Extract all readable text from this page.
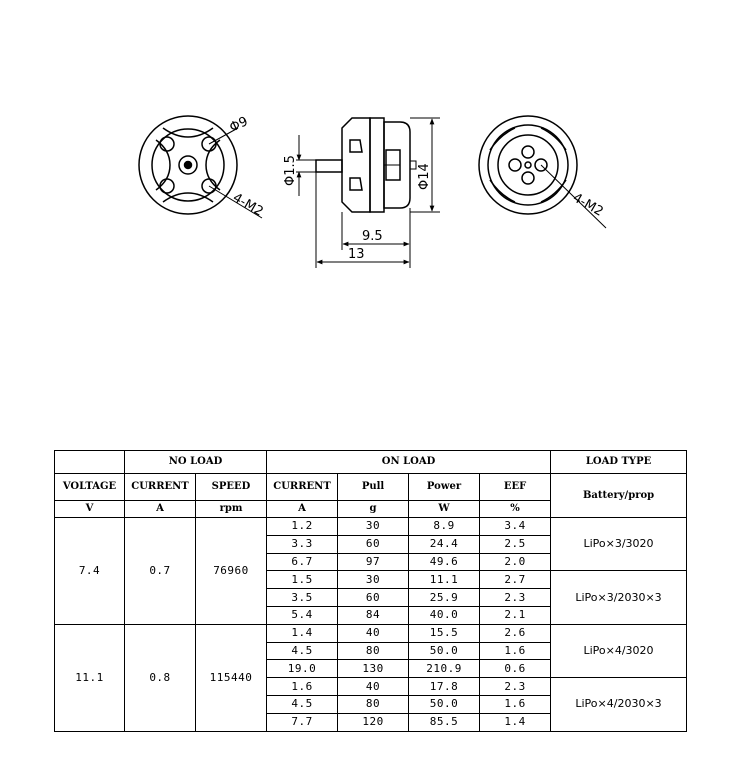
Φ9
4-M2
Φ1.5	Φ14
9.5
13
4-M2
	NO LOAD		ON LOAD				LOAD TYPE
VOLTAGE	CURRENT	SPEED	CURRENT	Pull	Power	EEF	Battery/prop
V	A	rpm	A	g	W	%	
7.4	0.7	76960	1.2	30	8.9	3.4	LiPo×3/3020
			3.3	60	24.4	2.5	
			6.7	97	49.6	2.0	
			1.5	30	11.1	2.7	LiPo×3/2030×3
			3.5	60	25.9	2.3	
			5.4	84	40.0	2.1	
11.1	0.8	115440	1.4	40	15.5	2.6	LiPo×4/3020
			4.5	80	50.0	1.6	
			19.0	130	210.9	0.6	
			1.6	40	17.8	2.3	LiPo×4/2030×3
			4.5	80	50.0	1.6	
			7.7	120	85.5	1.4	
